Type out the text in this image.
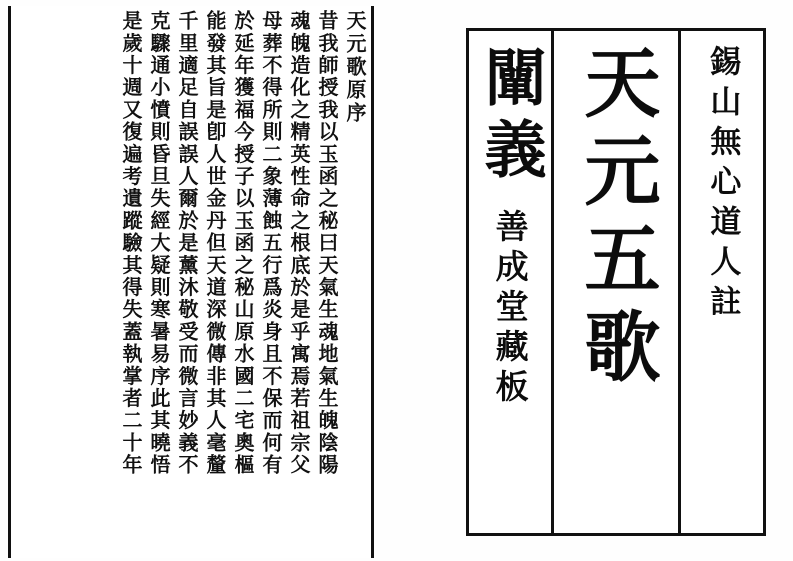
錫山無心道人註
天元五歌
闡義
善成堂藏板
天元歌原序
昔我師授我以玉函之秘曰天氣生魂地氣生魄陰陽
魂魄造化之精英性命之根底於是乎寓焉若祖宗父
母葬不得所則二象薄蝕五行爲炎身且不保而何有
於延年獲福今授子以玉函之秘山原水國二宅奧樞
能發其旨是卽人世金丹但天道深微傳非其人毫釐
千里適足自誤誤人爾於是薰沐敬受而微言妙義不
克驟通小憤則昏旦失經大疑則寒暑易序此其曉悟
是歲十週又復遍考遺蹤驗其得失蓋執掌者二十年
